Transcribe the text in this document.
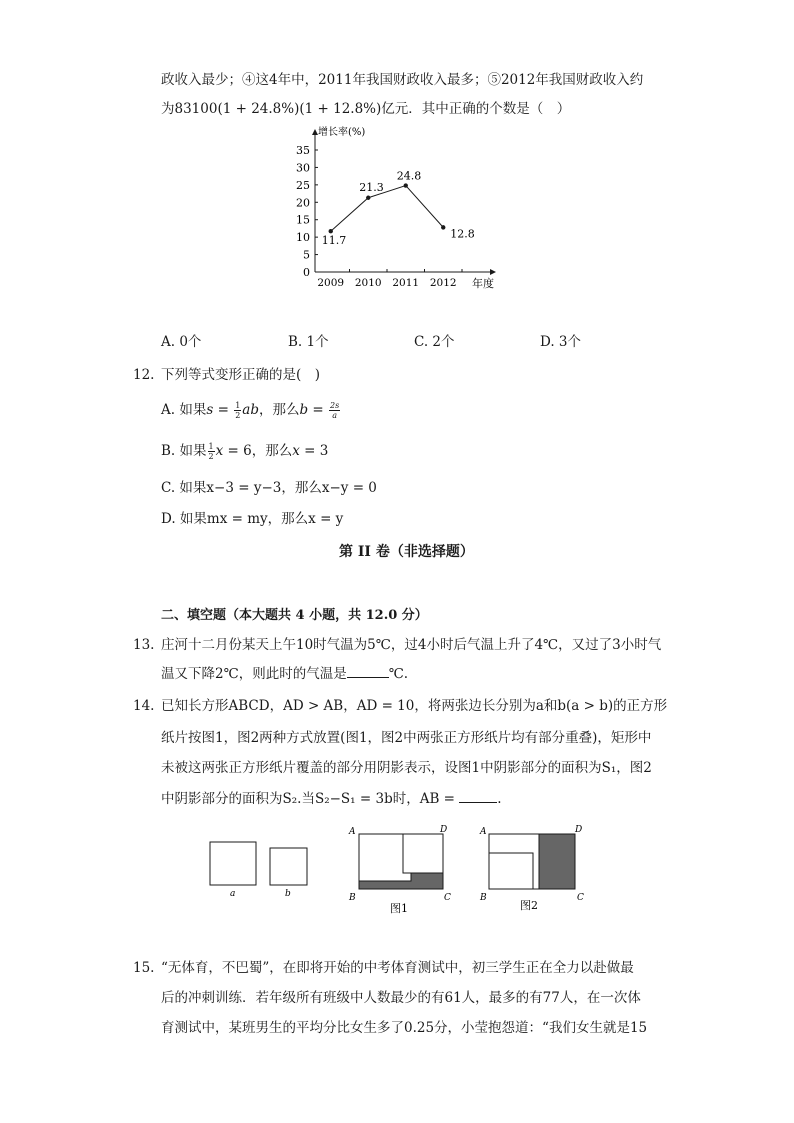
政收入最少；④这4年中，2011年我国财政收入最多；⑤2012年我国财政收入约
为83100(1 + 24.8%)(1 + 12.8%)亿元．其中正确的个数是（　）
增长率(%)
年度
0
5
10
15
20
25
30
35
2009 2010 2011 2012
11.7
21.3
24.8
12.8
A. 0个	B. 1个	C. 2个	D. 3个
12. 下列等式变形正确的是(　)
A. 如果$s = \frac{1}{2}$ ab，那么$b = \frac{2s}{a}$
B. 如果 $\frac{1}{2}$ x = 6，那么x = 3
C. 如果x−3 = y−3，那么x−y = 0
D. 如果mx = my，那么x = y
第 II 卷（非选择题）
二、填空题（本大题共 4 小题，共 12.0 分）
13. 庄河十二月份某天上午10时气温为5℃，过4小时后气温上升了4℃，又过了3小时气
温又下降2℃，则此时的气温是	℃.
14. 已知长方形ABCD，AD > AB，AD = 10，将两张边长分别为a和b(a > b)的正方形
纸片按图1，图2两种方式放置(图1，图2中两张正方形纸片均有部分重叠)，矩形中
未被这两张正方形纸片覆盖的部分用阴影表示，设图1中阴影部分的面积为S₁，图2
中阴影部分的面积为S₂.当S₂−S₁ = 3b时，AB =	.
a	b
A	D
B	C
图1
A	D
B	C
图2
15. “无体育，不巴蜀”，在即将开始的中考体育测试中，初三学生正在全力以赴做最
后的冲刺训练．若年级所有班级中人数最少的有61人，最多的有77人，在一次体
育测试中，某班男生的平均分比女生多了0.25分，小莹抱怨道：“我们女生就是15
